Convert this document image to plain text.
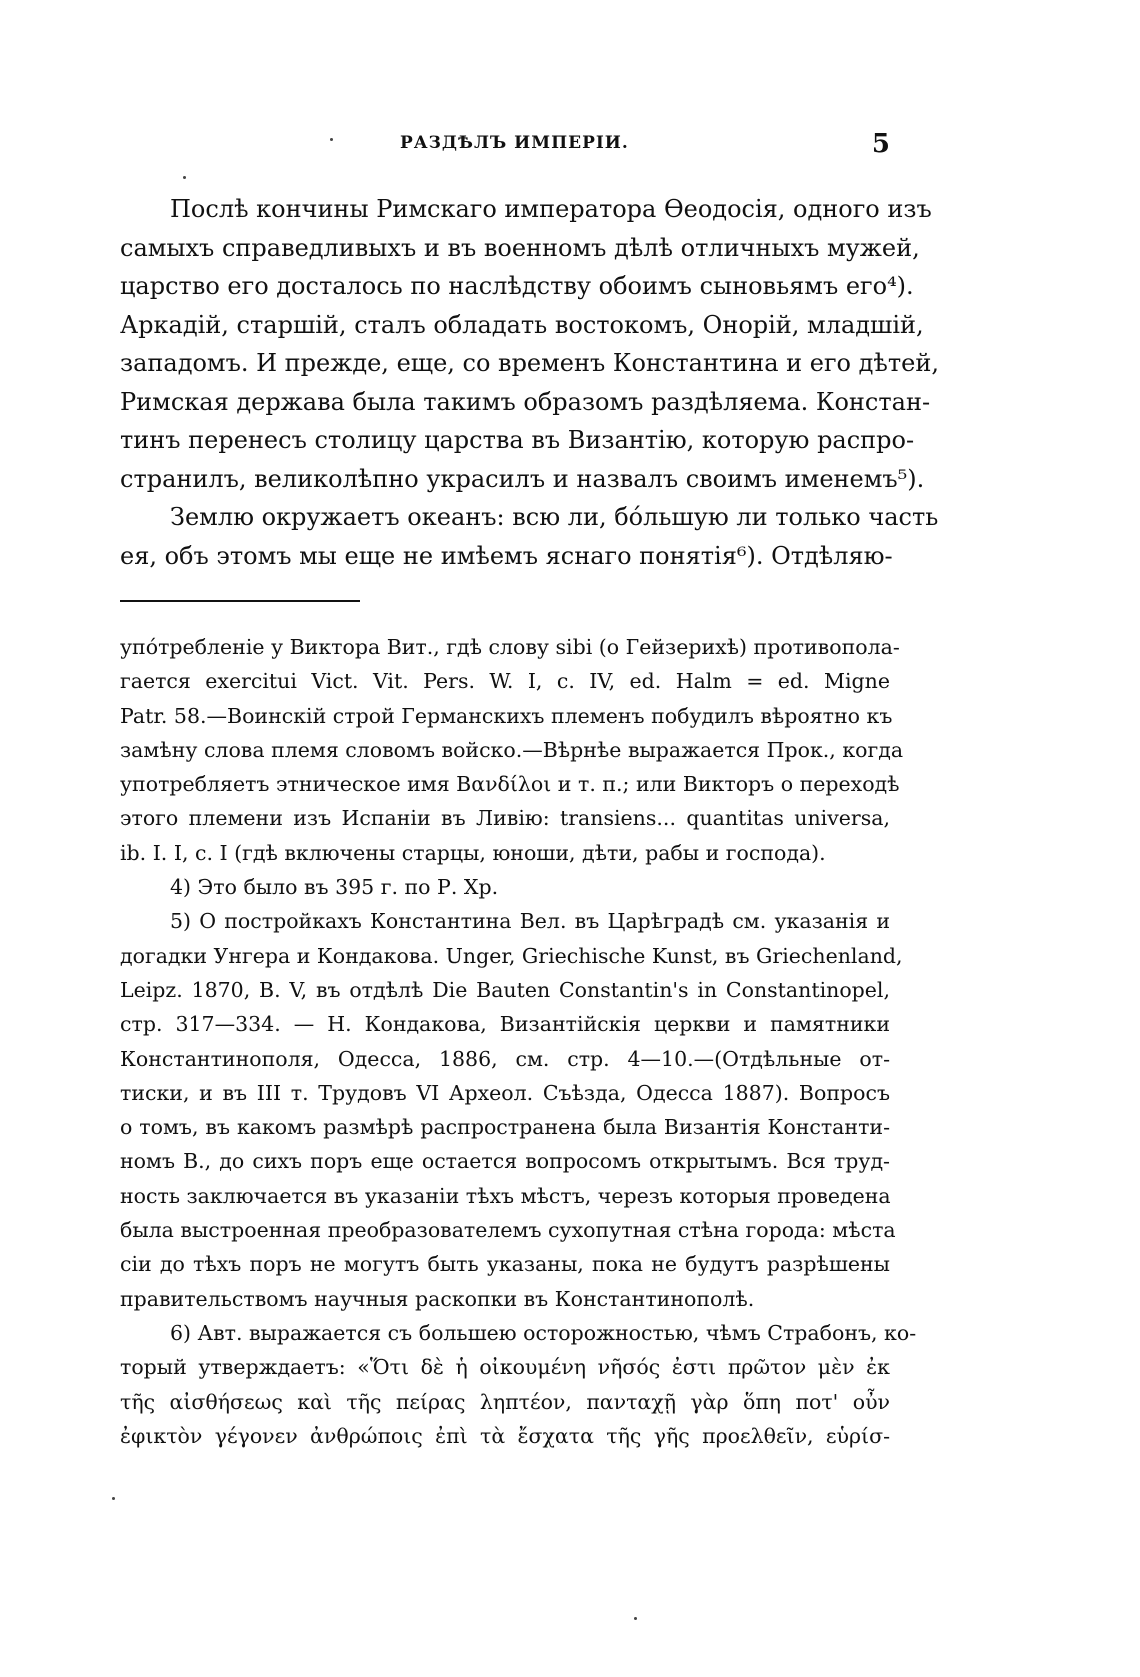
РАЗДѢЛЪ ИМПЕРІИ.	5
Послѣ кончины Римскаго императора Ѳеодосія, одного изъ
самыхъ справедливыхъ и въ военномъ дѣлѣ отличныхъ мужей,
царство его досталось по наслѣдству обоимъ сыновьямъ его⁴).
Аркадій, старшій, сталъ обладать востокомъ, Онорій, младшій,
западомъ. И прежде, еще, со временъ Константина и его дѣтей,
Римская держава была такимъ образомъ раздѣляема. Констан-
тинъ перенесъ столицу царства въ Византію, которую распро-
странилъ, великолѣпно украсилъ и назвалъ своимъ именемъ⁵).
Землю окружаетъ океанъ: всю ли, бо́льшую ли только часть
ея, объ этомъ мы еще не имѣемъ яснаго понятія⁶). Отдѣляю-
упо́требленіе у Виктора Вит., гдѣ слову sibi (о Гейзерихѣ) противопола-
гается exercitui Vict. Vit. Pers. W. I, c. IV, ed. Halm = ed. Migne
Patr. 58.—Воинскій строй Германскихъ племенъ побудилъ вѣроятно къ
замѣну слова племя словомъ войско.—Вѣрнѣе выражается Прок., когда
употребляетъ этническое имя Βανδίλοι и т. п.; или Викторъ о переходѣ
этого племени изъ Испаніи въ Ливію: transiens... quantitas universa,
ib. I. I, c. I (гдѣ включены старцы, юноши, дѣти, рабы и господа).
4) Это было въ 395 г. по Р. Хр.
5) О постройкахъ Константина Вел. въ Царѣградѣ см. указанія и
догадки Унгера и Кондакова. Unger, Griechische Kunst, въ Griechenland,
Leipz. 1870, B. V, въ отдѣлѣ Die Bauten Constantin's in Constantinopel,
стр. 317—334. — Н. Кондакова, Византійскія церкви и памятники
Константинополя, Одесса, 1886, см. стр. 4—10.—(Отдѣльные от-
тиски, и въ III т. Трудовъ VI Археол. Съѣзда, Одесса 1887). Вопросъ
о томъ, въ какомъ размѣрѣ распространена была Византія Константи-
номъ В., до сихъ поръ еще остается вопросомъ открытымъ. Вся труд-
ность заключается въ указаніи тѣхъ мѣстъ, черезъ которыя проведена
была выстроенная преобразователемъ сухопутная стѣна города: мѣста
сіи до тѣхъ поръ не могутъ быть указаны, пока не будутъ разрѣшены
правительствомъ научныя раскопки въ Константинополѣ.
6) Авт. выражается съ большею осторожностью, чѣмъ Страбонъ, ко-
торый утверждаетъ: «Ὅτι δὲ ἡ οἰκουμένη νῆσός ἐστι πρῶτον μὲν ἐκ
τῆς αἰσθήσεως καὶ τῆς πείρας ληπτέον, πανταχῇ γὰρ ὅπη ποτ' οὖν
ἐφικτὸν γέγονεν ἀνθρώποις ἐπὶ τὰ ἔσχατα τῆς γῆς προελθεῖν, εὑρίσ-
